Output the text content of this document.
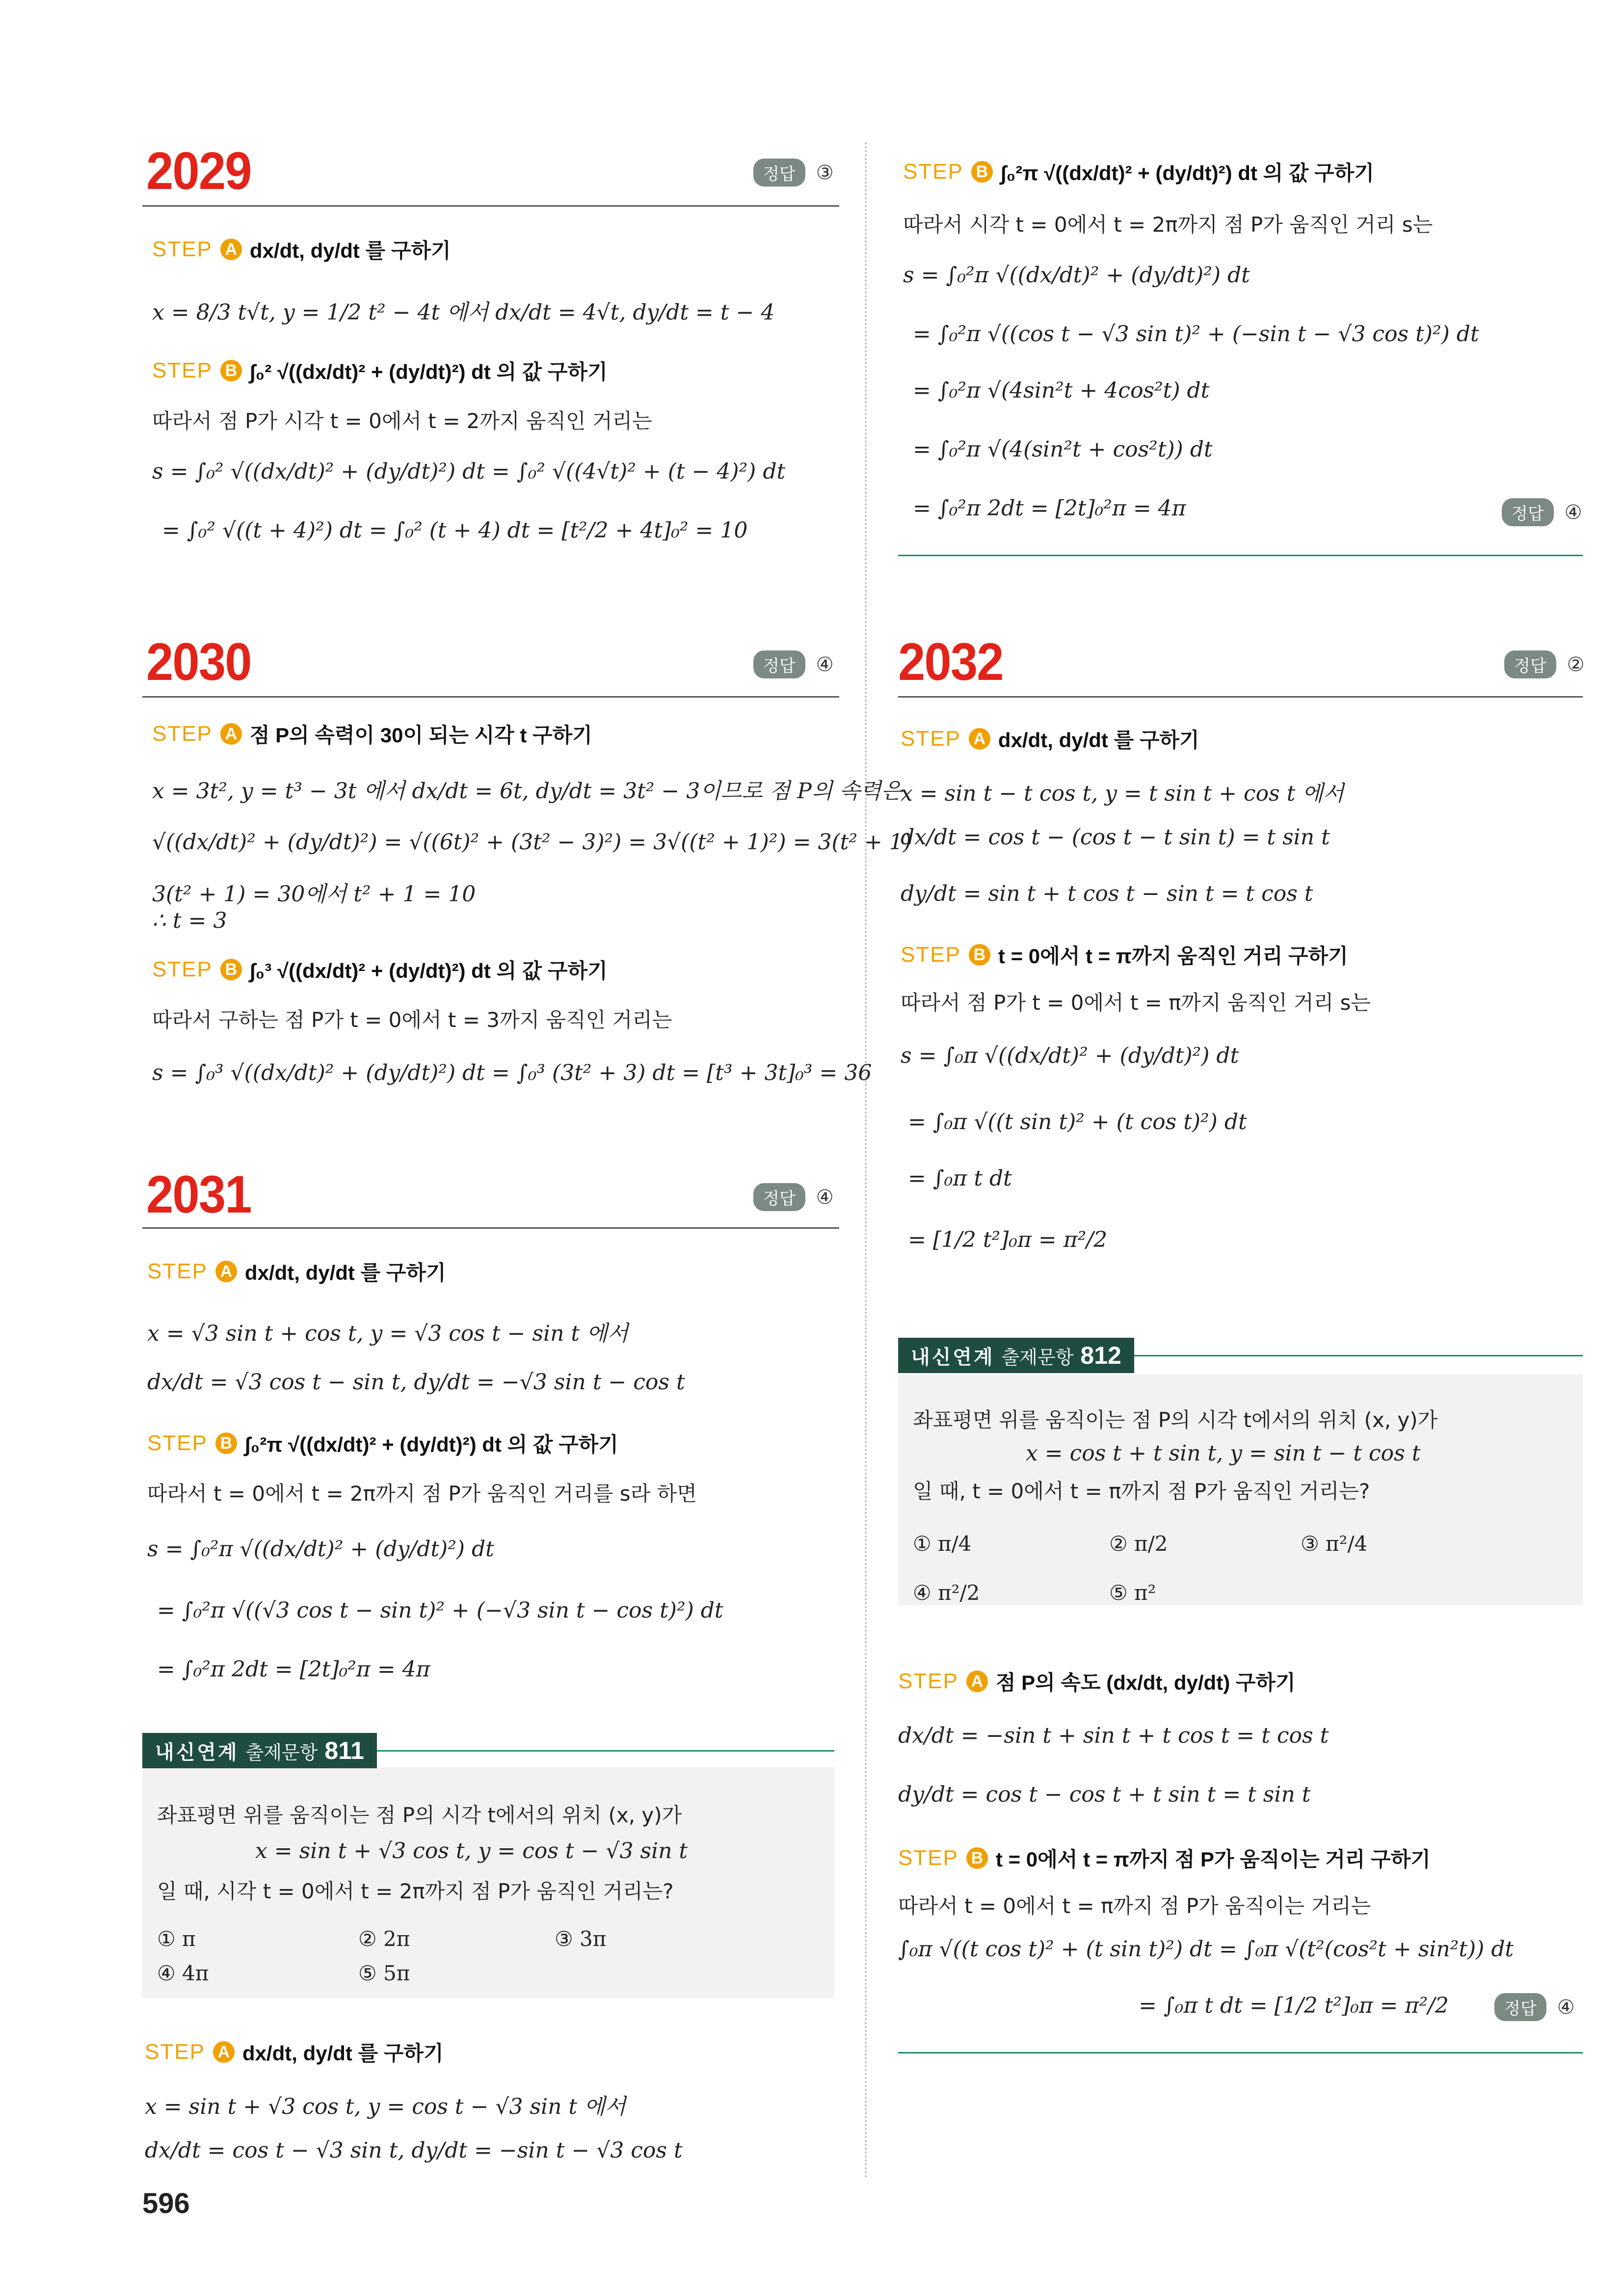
2029	정답	③
STEP A dx/dt, dy/dt 를 구하기
x = 8/3 t√t, y = 1/2 t² − 4t 에서 dx/dt = 4√t, dy/dt = t − 4
STEP B ∫₀² √((dx/dt)² + (dy/dt)²) dt 의 값 구하기
따라서 점 P가 시각 t = 0에서 t = 2까지 움직인 거리는
s = ∫₀² √((dx/dt)² + (dy/dt)²) dt = ∫₀² √((4√t)² + (t − 4)²) dt
= ∫₀² √((t + 4)²) dt = ∫₀² (t + 4) dt = [t²/2 + 4t]₀² = 10
2030	정답	④
STEP A 점 P의 속력이 30이 되는 시각 t 구하기
x = 3t², y = t³ − 3t 에서 dx/dt = 6t, dy/dt = 3t² − 3이므로 점 P의 속력은
√((dx/dt)² + (dy/dt)²) = √((6t)² + (3t² − 3)²) = 3√((t² + 1)²) = 3(t² + 1)
3(t² + 1) = 30에서 t² + 1 = 10
∴ t = 3
STEP B ∫₀³ √((dx/dt)² + (dy/dt)²) dt 의 값 구하기
따라서 구하는 점 P가 t = 0에서 t = 3까지 움직인 거리는
s = ∫₀³ √((dx/dt)² + (dy/dt)²) dt = ∫₀³ (3t² + 3) dt = [t³ + 3t]₀³ = 36
2031	정답	④
STEP A dx/dt, dy/dt 를 구하기
x = √3 sin t + cos t, y = √3 cos t − sin t 에서
dx/dt = √3 cos t − sin t, dy/dt = −√3 sin t − cos t
STEP B ∫₀²π √((dx/dt)² + (dy/dt)²) dt 의 값 구하기
따라서 t = 0에서 t = 2π까지 점 P가 움직인 거리를 s라 하면
s = ∫₀²π √((dx/dt)² + (dy/dt)²) dt
= ∫₀²π √((√3 cos t − sin t)² + (−√3 sin t − cos t)²) dt
= ∫₀²π 2dt = [2t]₀²π = 4π
내신연계 출제문항 811
좌표평면 위를 움직이는 점 P의 시각 t에서의 위치 (x, y)가
x = sin t + √3 cos t, y = cos t − √3 sin t
일 때, 시각 t = 0에서 t = 2π까지 점 P가 움직인 거리는?
① π	② 2π	③ 3π
④ 4π	⑤ 5π
STEP A dx/dt, dy/dt 를 구하기
x = sin t + √3 cos t, y = cos t − √3 sin t 에서
dx/dt = cos t − √3 sin t, dy/dt = −sin t − √3 cos t
STEP B ∫₀²π √((dx/dt)² + (dy/dt)²) dt 의 값 구하기
따라서 시각 t = 0에서 t = 2π까지 점 P가 움직인 거리 s는
s = ∫₀²π √((dx/dt)² + (dy/dt)²) dt
= ∫₀²π √((cos t − √3 sin t)² + (−sin t − √3 cos t)²) dt
= ∫₀²π √(4sin²t + 4cos²t) dt
= ∫₀²π √(4(sin²t + cos²t)) dt
= ∫₀²π 2dt = [2t]₀²π = 4π	정답	④
2032	정답	②
STEP A dx/dt, dy/dt 를 구하기
x = sin t − t cos t, y = t sin t + cos t 에서
dx/dt = cos t − (cos t − t sin t) = t sin t
dy/dt = sin t + t cos t − sin t = t cos t
STEP B t = 0에서 t = π까지 움직인 거리 구하기
따라서 점 P가 t = 0에서 t = π까지 움직인 거리 s는
s = ∫₀π √((dx/dt)² + (dy/dt)²) dt
= ∫₀π √((t sin t)² + (t cos t)²) dt
= ∫₀π t dt
= [1/2 t²]₀π = π²/2
내신연계 출제문항 812
좌표평면 위를 움직이는 점 P의 시각 t에서의 위치 (x, y)가
x = cos t + t sin t, y = sin t − t cos t
일 때, t = 0에서 t = π까지 점 P가 움직인 거리는?
① π/4	② π/2	③ π²/4
④ π²/2	⑤ π²
STEP A 점 P의 속도 (dx/dt, dy/dt) 구하기
dx/dt = −sin t + sin t + t cos t = t cos t
dy/dt = cos t − cos t + t sin t = t sin t
STEP B t = 0에서 t = π까지 점 P가 움직이는 거리 구하기
따라서 t = 0에서 t = π까지 점 P가 움직이는 거리는
∫₀π √((t cos t)² + (t sin t)²) dt = ∫₀π √(t²(cos²t + sin²t)) dt
= ∫₀π t dt = [1/2 t²]₀π = π²/2	정답	④
596
